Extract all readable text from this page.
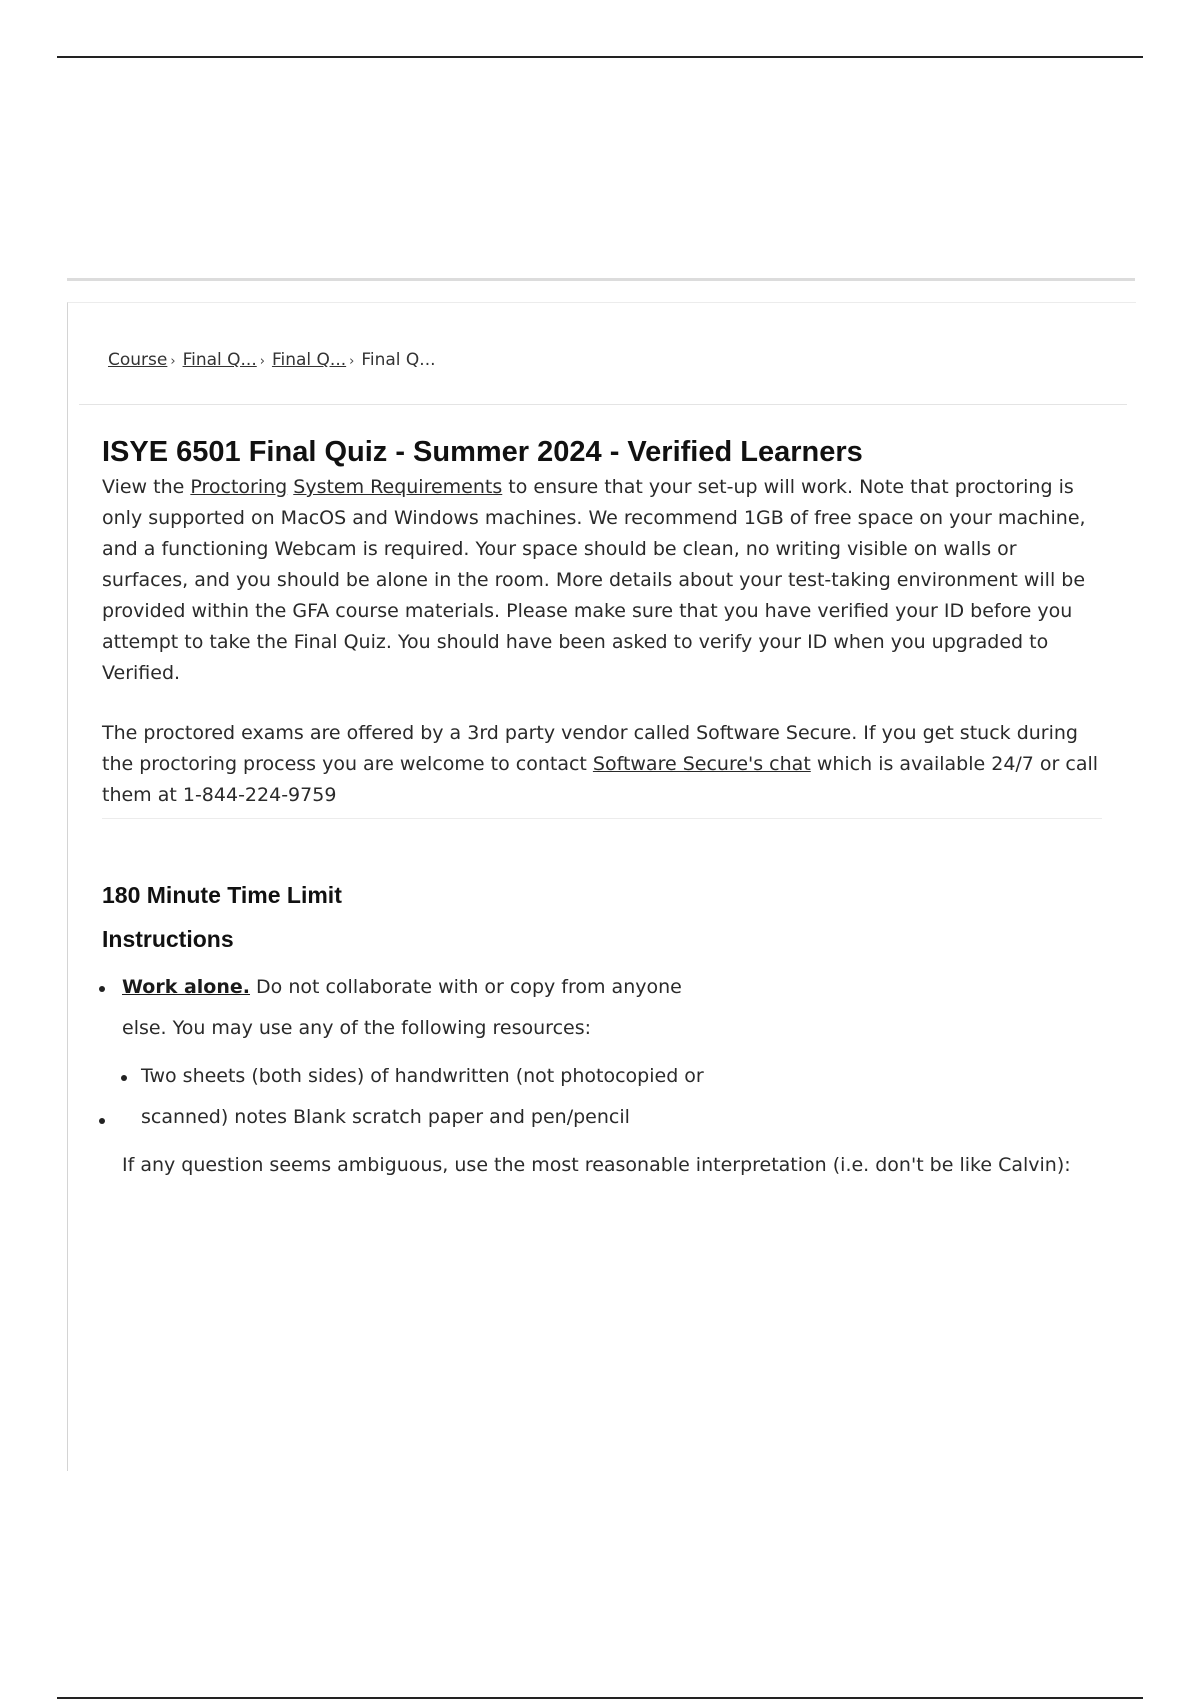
Course › Final Q... › Final Q... › Final Q...
ISYE 6501 Final Quiz - Summer 2024 - Verified Learners

View the Proctoring System Requirements to ensure that your set-up will work. Note that proctoring is only supported on MacOS and Windows machines. We recommend 1GB of free space on your machine, and a functioning Webcam is required. Your space should be clean, no writing visible on walls or surfaces, and you should be alone in the room. More details about your test-taking environment will be provided within the GFA course materials. Please make sure that you have verified your ID before you attempt to take the Final Quiz. You should have been asked to verify your ID when you upgraded to Verified.

The proctored exams are offered by a 3rd party vendor called Software Secure. If you get stuck during the proctoring process you are welcome to contact Software Secure's chat which is available 24/7 or call them at 1-844-224-9759

180 Minute Time Limit
Instructions

Work alone. Do not collaborate with or copy from anyone

else. You may use any of the following resources:

Two sheets (both sides) of handwritten (not photocopied or

scanned) notes Blank scratch paper and pen/pencil

If any question seems ambiguous, use the most reasonable interpretation (i.e. don't be like Calvin):
